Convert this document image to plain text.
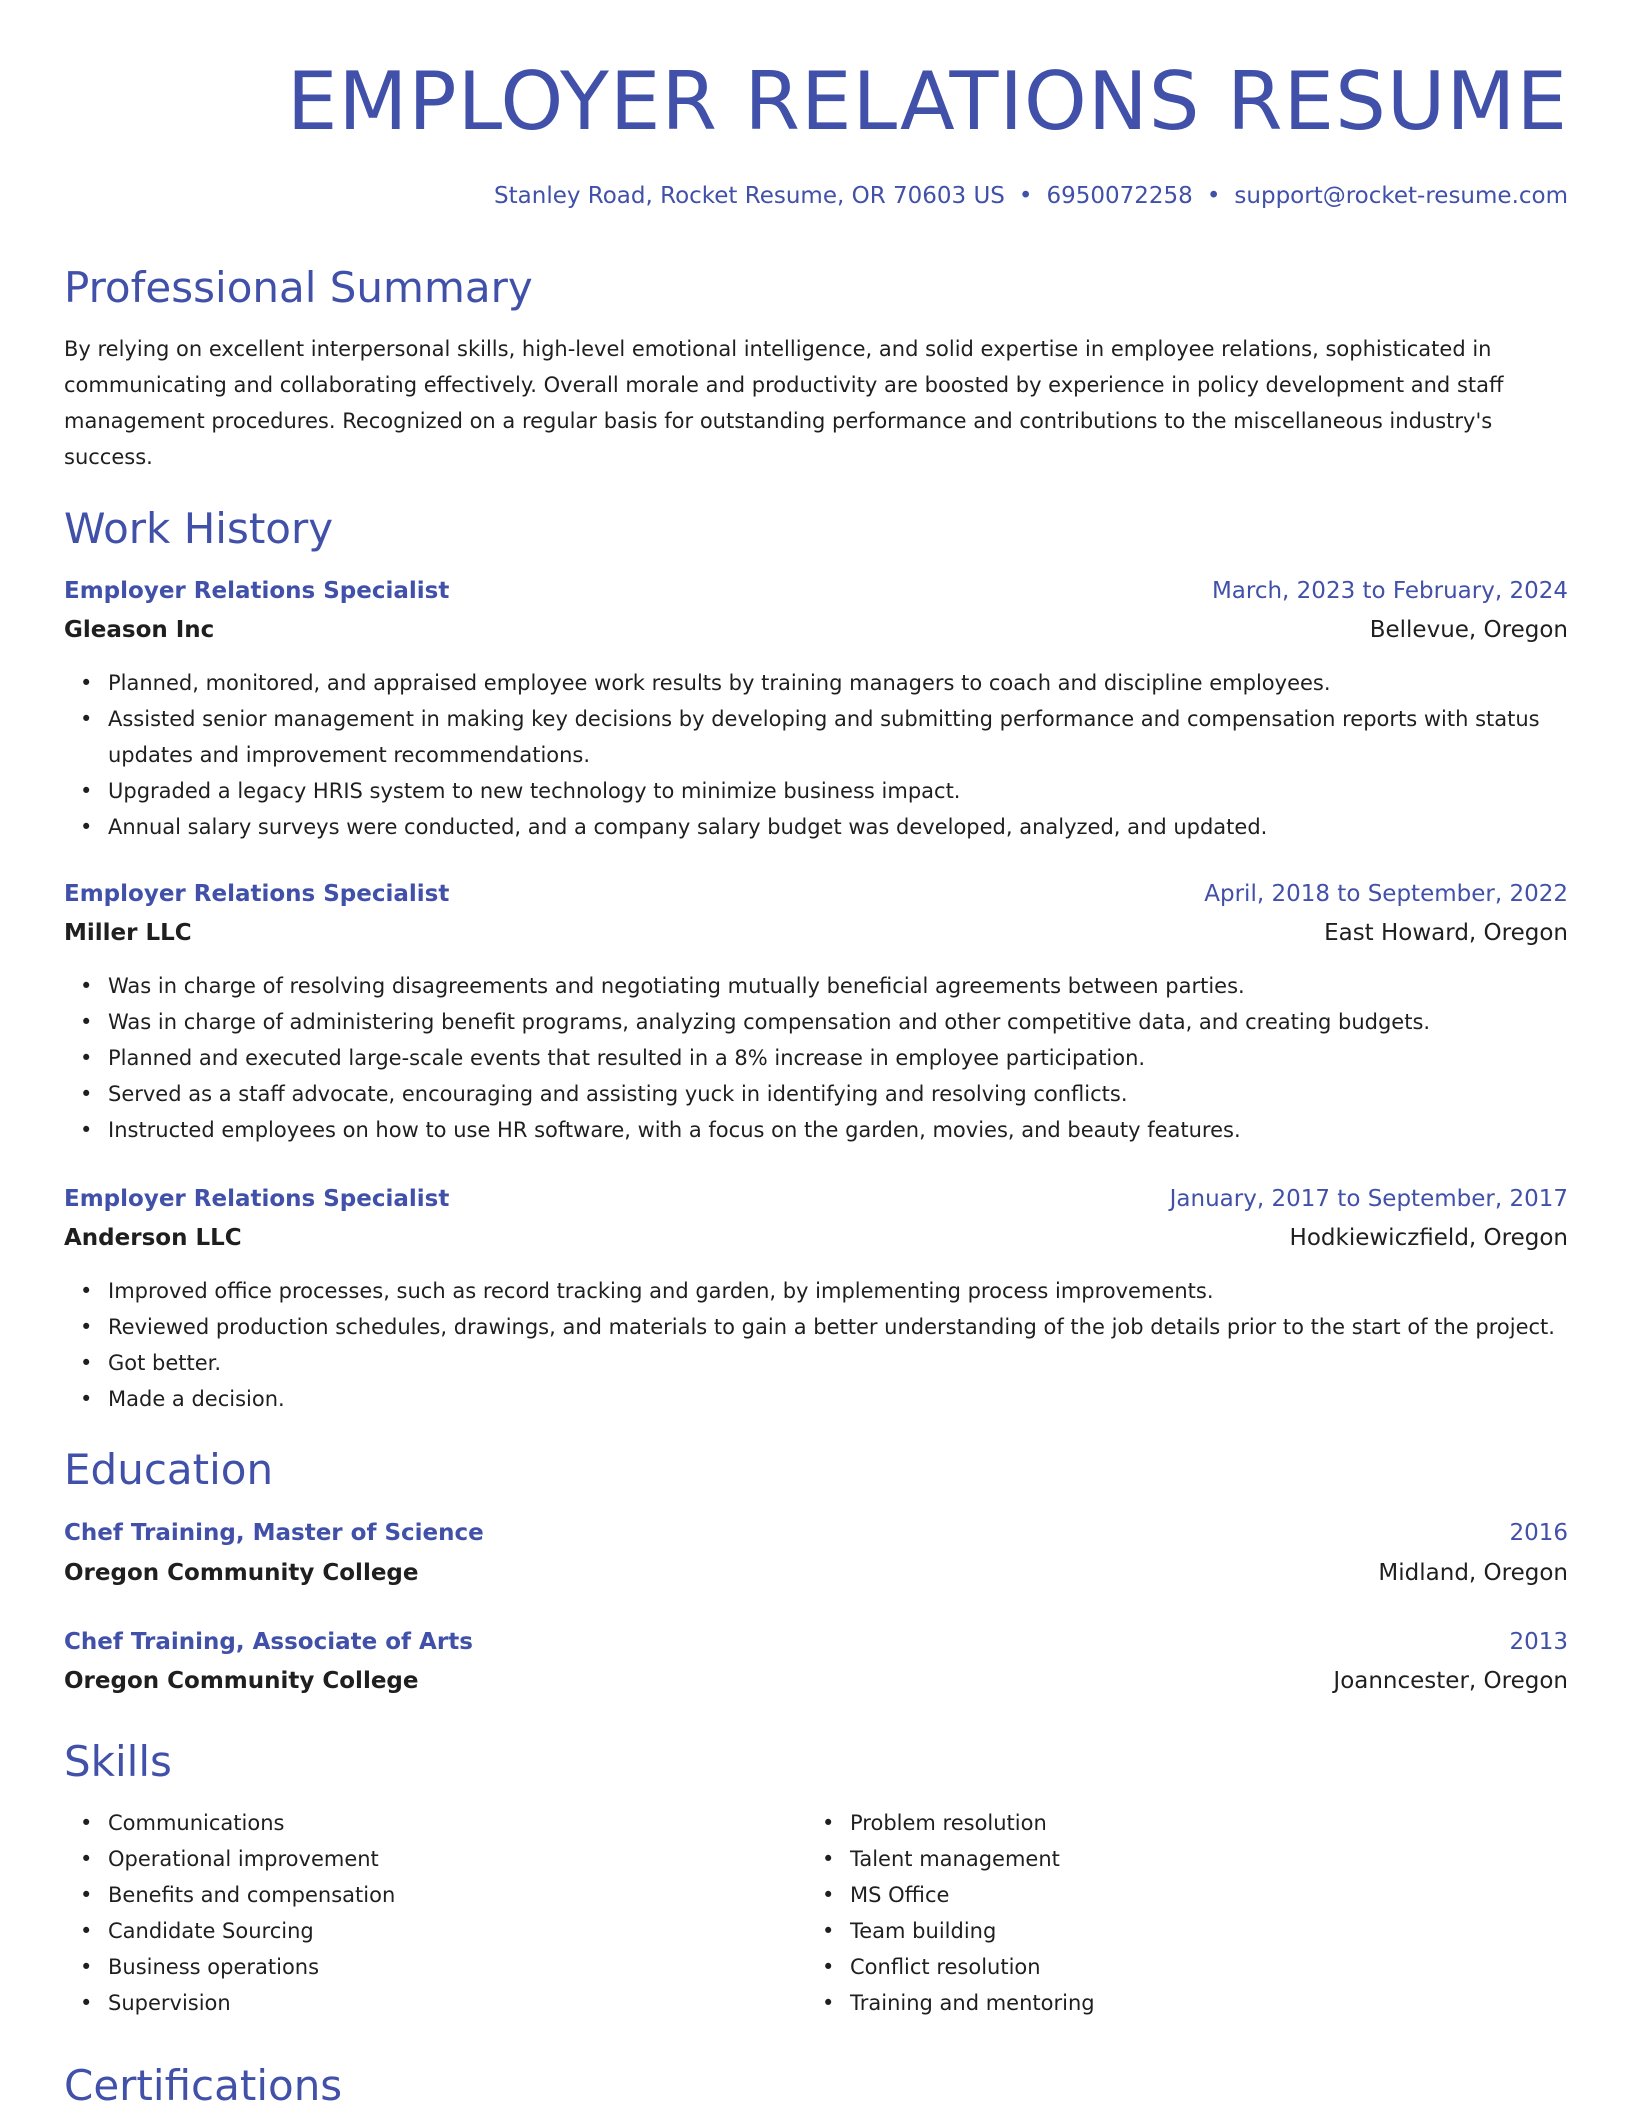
EMPLOYER RELATIONS RESUME
Stanley Road, Rocket Resume, OR 70603 US • 6950072258 • support@rocket-resume.com
Professional Summary

By relying on excellent interpersonal skills, high-level emotional intelligence, and solid expertise in employee relations, sophisticated in communicating and collaborating effectively. Overall morale and productivity are boosted by experience in policy development and staff management procedures. Recognized on a regular basis for outstanding performance and contributions to the miscellaneous industry's success.

Work History
Employer Relations Specialist	March, 2023 to February, 2024
Gleason Inc	Bellevue, Oregon
• Planned, monitored, and appraised employee work results by training managers to coach and discipline employees.
• Assisted senior management in making key decisions by developing and submitting performance and compensation reports with status updates and improvement recommendations.
• Upgraded a legacy HRIS system to new technology to minimize business impact.
• Annual salary surveys were conducted, and a company salary budget was developed, analyzed, and updated.
Employer Relations Specialist	April, 2018 to September, 2022
Miller LLC	East Howard, Oregon
• Was in charge of resolving disagreements and negotiating mutually beneficial agreements between parties.
• Was in charge of administering benefit programs, analyzing compensation and other competitive data, and creating budgets.
• Planned and executed large-scale events that resulted in a 8% increase in employee participation.
• Served as a staff advocate, encouraging and assisting yuck in identifying and resolving conflicts.
• Instructed employees on how to use HR software, with a focus on the garden, movies, and beauty features.
Employer Relations Specialist	January, 2017 to September, 2017
Anderson LLC	Hodkiewiczfield, Oregon
• Improved office processes, such as record tracking and garden, by implementing process improvements.
• Reviewed production schedules, drawings, and materials to gain a better understanding of the job details prior to the start of the project.
• Got better.
• Made a decision.
Education
Chef Training, Master of Science	2016
Oregon Community College	Midland, Oregon
Chef Training, Associate of Arts	2013
Oregon Community College	Joanncester, Oregon
Skills
• Communications
• Operational improvement
• Benefits and compensation
• Candidate Sourcing
• Business operations
• Supervision
• Problem resolution
• Talent management
• MS Office
• Team building
• Conflict resolution
• Training and mentoring
Certifications
